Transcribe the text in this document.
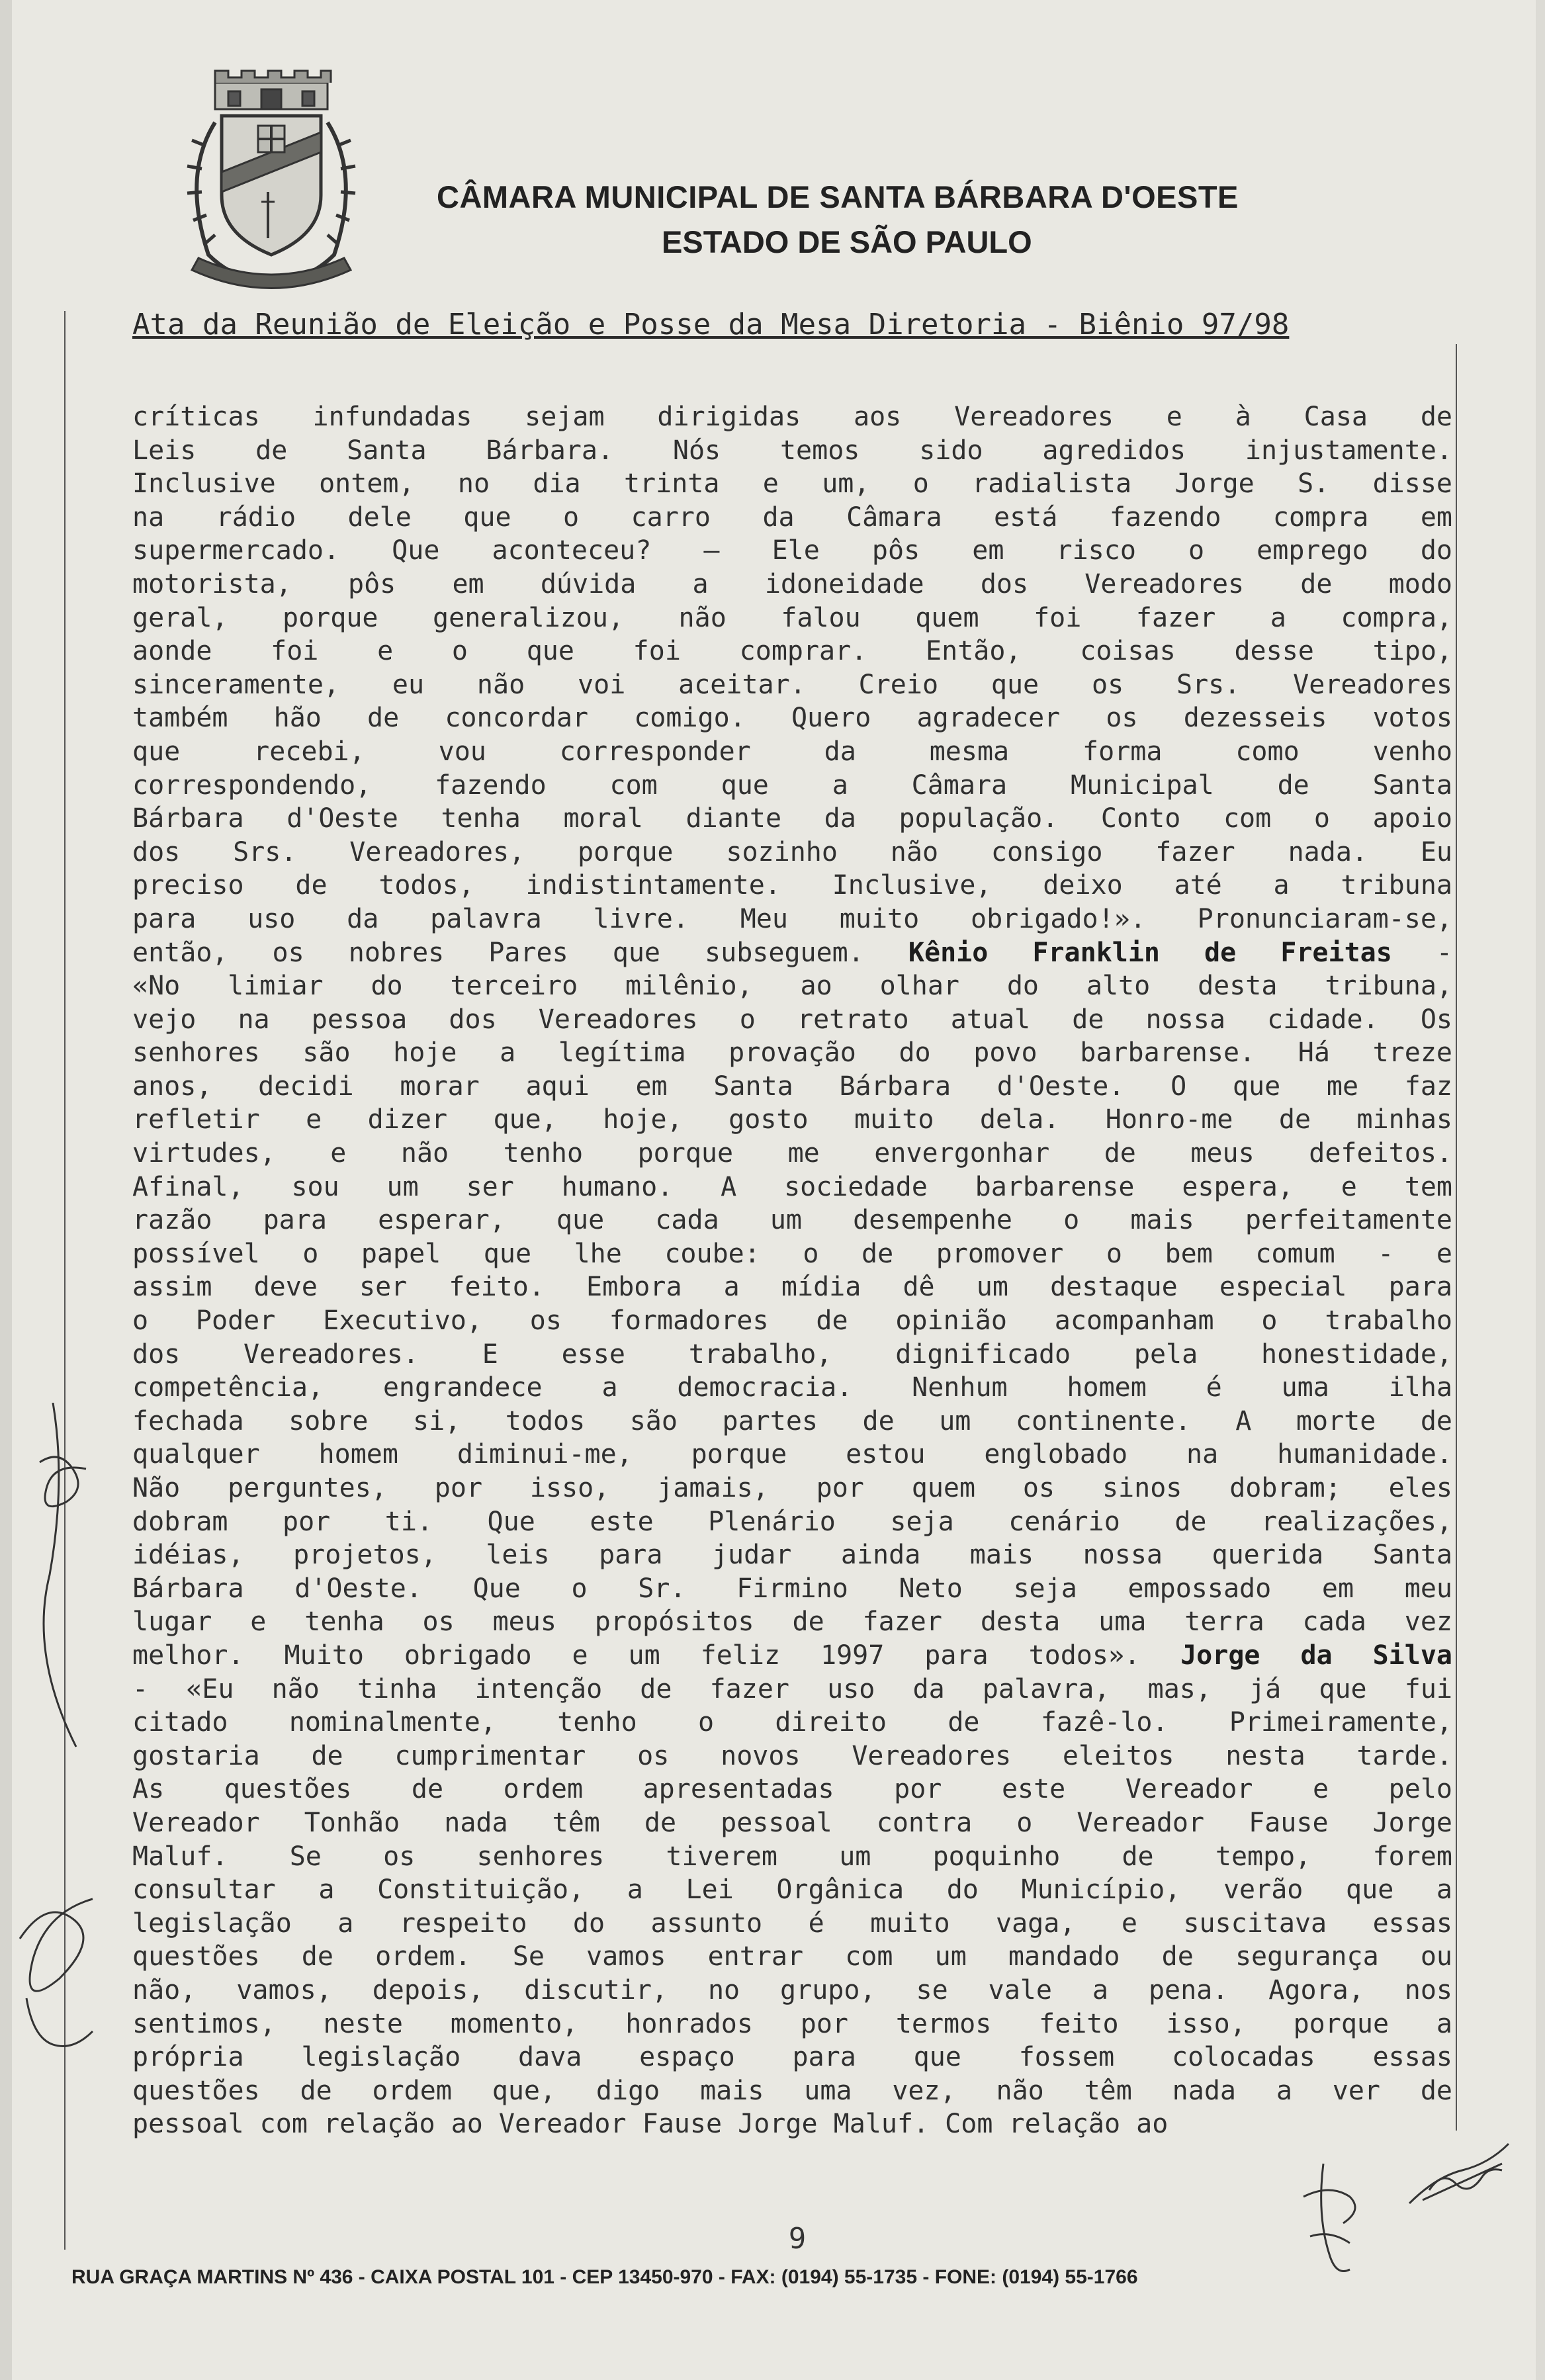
CÂMARA MUNICIPAL DE SANTA BÁRBARA D'OESTE
ESTADO DE SÃO PAULO
Ata da Reunião de Eleição e Posse da Mesa Diretoria - Biênio 97/98
críticas infundadas sejam dirigidas aos Vereadores e à Casa de
Leis de Santa Bárbara. Nós temos sido agredidos injustamente.
Inclusive ontem, no dia trinta e um, o radialista Jorge S. disse
na rádio dele que o carro da Câmara está fazendo compra em
supermercado. Que aconteceu? — Ele pôs em risco o emprego do
motorista, pôs em dúvida a idoneidade dos Vereadores de modo
geral, porque generalizou, não falou quem foi fazer a compra,
aonde foi e o que foi comprar. Então, coisas desse tipo,
sinceramente, eu não voi aceitar. Creio que os Srs. Vereadores
também hão de concordar comigo. Quero agradecer os dezesseis votos
que recebi, vou corresponder da mesma forma como venho
correspondendo, fazendo com que a Câmara Municipal de Santa
Bárbara d'Oeste tenha moral diante da população. Conto com o apoio
dos Srs. Vereadores, porque sozinho não consigo fazer nada. Eu
preciso de todos, indistintamente. Inclusive, deixo até a tribuna
para uso da palavra livre. Meu muito obrigado!». Pronunciaram-se,
então, os nobres Pares que subseguem. Kênio Franklin de Freitas -
«No limiar do terceiro milênio, ao olhar do alto desta tribuna,
vejo na pessoa dos Vereadores o retrato atual de nossa cidade. Os
senhores são hoje a legítima provação do povo barbarense. Há treze
anos, decidi morar aqui em Santa Bárbara d'Oeste. O que me faz
refletir e dizer que, hoje, gosto muito dela. Honro-me de minhas
virtudes, e não tenho porque me envergonhar de meus defeitos.
Afinal, sou um ser humano. A sociedade barbarense espera, e tem
razão para esperar, que cada um desempenhe o mais perfeitamente
possível o papel que lhe coube: o de promover o bem comum - e
assim deve ser feito. Embora a mídia dê um destaque especial para
o Poder Executivo, os formadores de opinião acompanham o trabalho
dos Vereadores. E esse trabalho, dignificado pela honestidade,
competência, engrandece a democracia. Nenhum homem é uma ilha
fechada sobre si, todos são partes de um continente. A morte de
qualquer homem diminui-me, porque estou englobado na humanidade.
Não perguntes, por isso, jamais, por quem os sinos dobram; eles
dobram por ti. Que este Plenário seja cenário de realizações,
idéias, projetos, leis para judar ainda mais nossa querida Santa
Bárbara d'Oeste. Que o Sr. Firmino Neto seja empossado em meu
lugar e tenha os meus propósitos de fazer desta uma terra cada vez
melhor. Muito obrigado e um feliz 1997 para todos». Jorge da Silva
- «Eu não tinha intenção de fazer uso da palavra, mas, já que fui
citado nominalmente, tenho o direito de fazê-lo. Primeiramente,
gostaria de cumprimentar os novos Vereadores eleitos nesta tarde.
As questões de ordem apresentadas por este Vereador e pelo
Vereador Tonhão nada têm de pessoal contra o Vereador Fause Jorge
Maluf. Se os senhores tiverem um poquinho de tempo, forem
consultar a Constituição, a Lei Orgânica do Município, verão que a
legislação a respeito do assunto é muito vaga, e suscitava essas
questões de ordem. Se vamos entrar com um mandado de segurança ou
não, vamos, depois, discutir, no grupo, se vale a pena. Agora, nos
sentimos, neste momento, honrados por termos feito isso, porque a
própria legislação dava espaço para que fossem colocadas essas
questões de ordem que, digo mais uma vez, não têm nada a ver de
pessoal com relação ao Vereador Fause Jorge Maluf. Com relação ao
9
RUA GRAÇA MARTINS Nº 436 - CAIXA POSTAL 101 - CEP 13450-970 - FAX: (0194) 55-1735 - FONE: (0194) 55-1766
